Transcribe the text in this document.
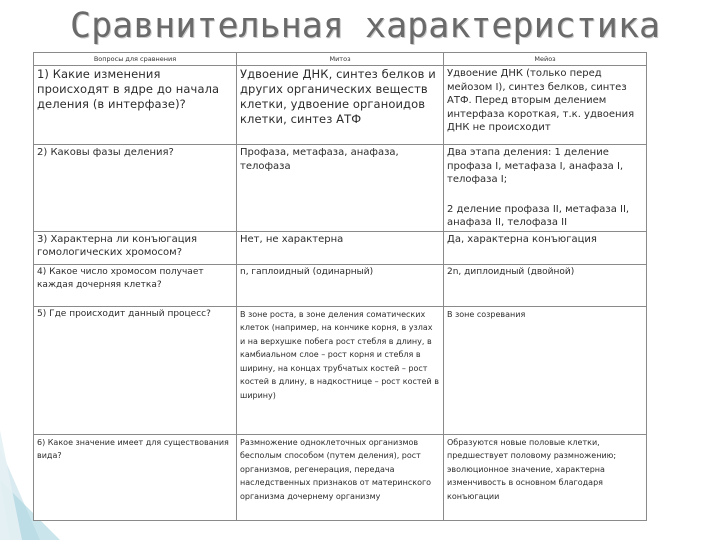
Сравнительная характеристика
Вопросы для сравнения	Митоз	Мейоз
1) Какие изменения происходят в ядре до начала деления (в интерфазе)?	Удвоение ДНК, синтез белков и других органических веществ клетки, удвоение органоидов клетки, синтез АТФ	Удвоение ДНК (только перед мейозом I), синтез белков, синтез АТФ. Перед вторым делением интерфаза короткая, т.к. удвоения ДНК не происходит
2) Каковы фазы деления?	Профаза, метафаза, анафаза, телофаза	Два этапа деления: 1 деление профаза I, метафаза I, анафаза I, телофаза I;
2 деление профаза II, метафаза II, анафаза II, телофаза II

3) Характерна ли конъюгация гомологических хромосом?	Нет, не характерна	Да, характерна конъюгация
4) Какое число хромосом получает каждая дочерняя клетка?	n, гаплоидный (одинарный)	2n, диплоидный (двойной)
5) Где происходит данный процесс?	В зоне роста, в зоне деления соматических клеток (например, на кончике корня, в узлах и на верхушке побега рост стебля в длину, в камбиальном слое – рост корня и стебля в ширину, на концах трубчатых костей – рост костей в длину, в надкостнице – рост костей в ширину)	В зоне созревания
6) Какое значение имеет для существования вида?	Размножение одноклеточных организмов бесполым способом (путем деления), рост организмов, регенерация, передача наследственных признаков от материнского организма дочернему организму	Образуются новые половые клетки, предшествует половому размножению; эволюционное значение, характерна изменчивость в основном благодаря конъюгации
